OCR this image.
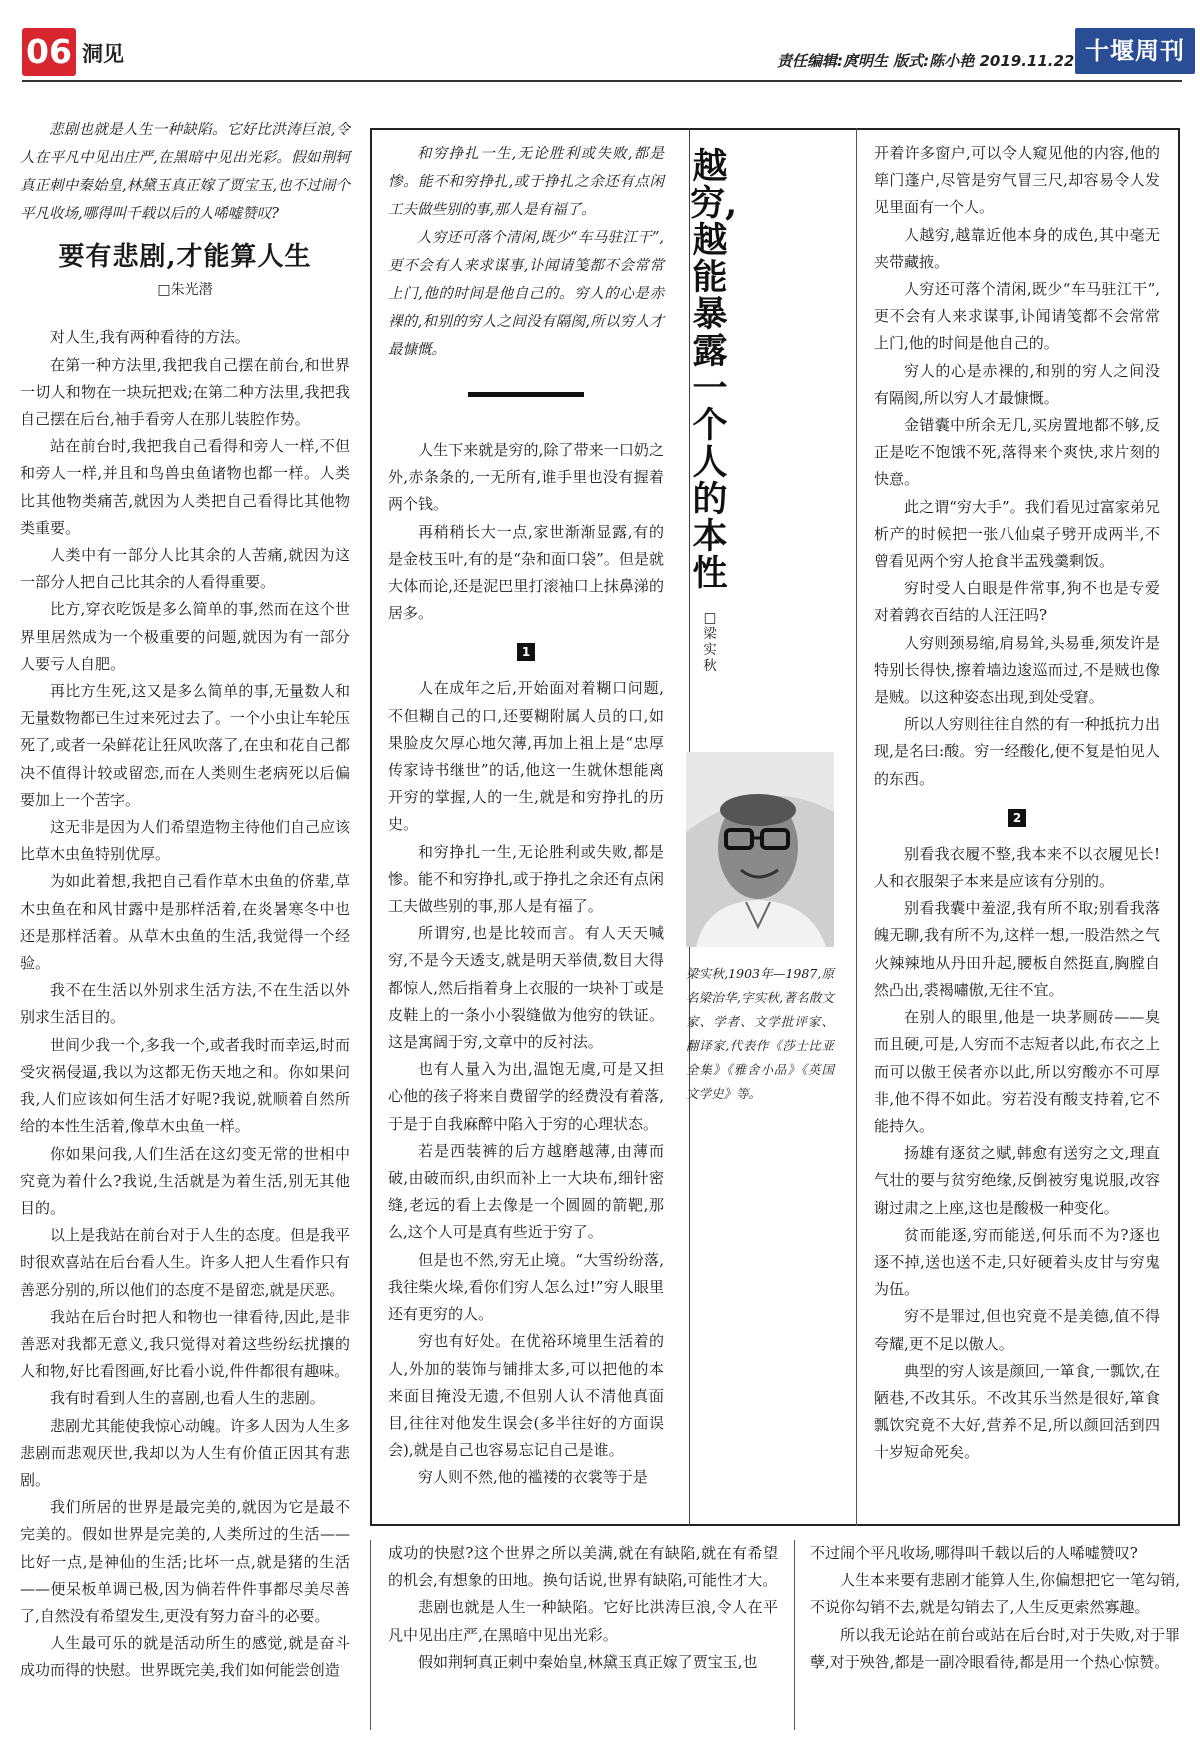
06 洞见	责任编辑:庹明生 版式:陈小艳 2019.11.22 十堰周刊

悲剧也就是人生一种缺陷。它好比洪涛巨浪,令人在平凡中见出庄严,在黑暗中见出光彩。假如荆轲真正刺中秦始皇,林黛玉真正嫁了贾宝玉,也不过闹个平凡收场,哪得叫千载以后的人唏嘘赞叹?

要有悲剧,才能算人生
□朱光潜

对人生,我有两种看待的方法。

在第一种方法里,我把我自己摆在前台,和世界一切人和物在一块玩把戏;在第二种方法里,我把我自己摆在后台,袖手看旁人在那儿装腔作势。

站在前台时,我把我自己看得和旁人一样,不但和旁人一样,并且和鸟兽虫鱼诸物也都一样。人类比其他物类痛苦,就因为人类把自己看得比其他物类重要。

人类中有一部分人比其余的人苦痛,就因为这一部分人把自己比其余的人看得重要。

比方,穿衣吃饭是多么简单的事,然而在这个世界里居然成为一个极重要的问题,就因为有一部分人要亏人自肥。

再比方生死,这又是多么简单的事,无量数人和无量数物都已生过来死过去了。一个小虫让车轮压死了,或者一朵鲜花让狂风吹落了,在虫和花自己都决不值得计较或留恋,而在人类则生老病死以后偏要加上一个苦字。

这无非是因为人们希望造物主待他们自己应该比草木虫鱼特别优厚。

为如此着想,我把自己看作草木虫鱼的侪辈,草木虫鱼在和风甘露中是那样活着,在炎暑寒冬中也还是那样活着。从草木虫鱼的生活,我觉得一个经验。

我不在生活以外别求生活方法,不在生活以外别求生活目的。

世间少我一个,多我一个,或者我时而幸运,时而受灾祸侵逼,我以为这都无伤天地之和。你如果问我,人们应该如何生活才好呢?我说,就顺着自然所给的本性生活着,像草木虫鱼一样。

你如果问我,人们生活在这幻变无常的世相中究竟为着什么?我说,生活就是为着生活,别无其他目的。

以上是我站在前台对于人生的态度。但是我平时很欢喜站在后台看人生。许多人把人生看作只有善恶分别的,所以他们的态度不是留恋,就是厌恶。

我站在后台时把人和物也一律看待,因此,是非善恶对我都无意义,我只觉得对着这些纷纭扰攘的人和物,好比看图画,好比看小说,件件都很有趣味。

我有时看到人生的喜剧,也看人生的悲剧。

悲剧尤其能使我惊心动魄。许多人因为人生多悲剧而悲观厌世,我却以为人生有价值正因其有悲剧。

我们所居的世界是最完美的,就因为它是最不完美的。假如世界是完美的,人类所过的生活——比好一点,是神仙的生活;比坏一点,就是猪的生活——便呆板单调已极,因为倘若件件事都尽美尽善了,自然没有希望发生,更没有努力奋斗的必要。

人生最可乐的就是活动所生的感觉,就是奋斗成功而得的快慰。世界既完美,我们如何能尝创造

和穷挣扎一生,无论胜利或失败,都是惨。能不和穷挣扎,或于挣扎之余还有点闲工夫做些别的事,那人是有福了。

人穷还可落个清闲,既少“车马驻江干”,更不会有人来求谋事,讣闻请笺都不会常常上门,他的时间是他自己的。穷人的心是赤裸的,和别的穷人之间没有隔阂,所以穷人才最慷慨。

人生下来就是穷的,除了带来一口奶之外,赤条条的,一无所有,谁手里也没有握着两个钱。

再稍稍长大一点,家世渐渐显露,有的是金枝玉叶,有的是“杂和面口袋”。但是就大体而论,还是泥巴里打滚袖口上抹鼻涕的居多。

1

人在成年之后,开始面对着糊口问题,不但糊自己的口,还要糊附属人员的口,如果脸皮欠厚心地欠薄,再加上祖上是“忠厚传家诗书继世”的话,他这一生就休想能离开穷的掌握,人的一生,就是和穷挣扎的历史。

和穷挣扎一生,无论胜利或失败,都是惨。能不和穷挣扎,或于挣扎之余还有点闲工夫做些别的事,那人是有福了。

所谓穷,也是比较而言。有人天天喊穷,不是今天透支,就是明天举债,数目大得都惊人,然后指着身上衣服的一块补丁或是皮鞋上的一条小小裂缝做为他穷的铁证。这是寓阔于穷,文章中的反衬法。

也有人量入为出,温饱无虞,可是又担心他的孩子将来自费留学的经费没有着落,于是于自我麻醉中陷入于穷的心理状态。

若是西装裤的后方越磨越薄,由薄而破,由破而织,由织而补上一大块布,细针密缝,老远的看上去像是一个圆圆的箭靶,那么,这个人可是真有些近于穷了。

但是也不然,穷无止境。“大雪纷纷落,我往柴火垛,看你们穷人怎么过!”穷人眼里还有更穷的人。

穷也有好处。在优裕环境里生活着的人,外加的装饰与铺排太多,可以把他的本来面目掩没无遗,不但别人认不清他真面目,往往对他发生误会(多半往好的方面误会),就是自己也容易忘记自己是谁。

穷人则不然,他的褴褛的衣裳等于是

越穷,越能暴露一个人的本性
□梁实秋
梁实秋,1903年—1987,原名梁治华,字实秋,著名散文家、学者、文学批评家、翻译家,代表作《莎士比亚全集》《雅舍小品》《英国文学史》等。

开着许多窗户,可以令人窥见他的内容,他的筚门蓬户,尽管是穷气冒三尺,却容易令人发见里面有一个人。

人越穷,越靠近他本身的成色,其中毫无夹带藏掖。

人穷还可落个清闲,既少“车马驻江干”,更不会有人来求谋事,讣闻请笺都不会常常上门,他的时间是他自己的。

穷人的心是赤裸的,和别的穷人之间没有隔阂,所以穷人才最慷慨。

金错囊中所余无几,买房置地都不够,反正是吃不饱饿不死,落得来个爽快,求片刻的快意。

此之谓“穷大手”。我们看见过富家弟兄析产的时候把一张八仙桌子劈开成两半,不曾看见两个穷人抢食半盂残羹剩饭。

穷时受人白眼是件常事,狗不也是专爱对着鹑衣百结的人汪汪吗?

人穷则颈易缩,肩易耸,头易垂,须发许是特别长得快,擦着墙边逡巡而过,不是贼也像是贼。以这种姿态出现,到处受窘。

所以人穷则往往自然的有一种抵抗力出现,是名曰:酸。穷一经酸化,便不复是怕见人的东西。

2

别看我衣履不整,我本来不以衣履见长!人和衣服架子本来是应该有分别的。

别看我囊中羞涩,我有所不取;别看我落魄无聊,我有所不为,这样一想,一股浩然之气火辣辣地从丹田升起,腰板自然挺直,胸膛自然凸出,裘褐嘯傲,无往不宜。

在别人的眼里,他是一块茅厕砖——臭而且硬,可是,人穷而不志短者以此,布衣之上而可以傲王侯者亦以此,所以穷酸亦不可厚非,他不得不如此。穷若没有酸支持着,它不能持久。

扬雄有逐贫之赋,韩愈有送穷之文,理直气壮的要与贫穷绝缘,反倒被穷鬼说服,改容谢过肃之上座,这也是酸极一种变化。

贫而能逐,穷而能送,何乐而不为?逐也逐不掉,送也送不走,只好硬着头皮甘与穷鬼为伍。

穷不是罪过,但也究竟不是美德,值不得夸耀,更不足以傲人。

典型的穷人该是颜回,一箪食,一瓢饮,在陋巷,不改其乐。不改其乐当然是很好,箪食瓢饮究竟不大好,营养不足,所以颜回活到四十岁短命死矣。

成功的快慰?这个世界之所以美满,就在有缺陷,就在有希望的机会,有想象的田地。换句话说,世界有缺陷,可能性才大。

悲剧也就是人生一种缺陷。它好比洪涛巨浪,令人在平凡中见出庄严,在黑暗中见出光彩。

假如荆轲真正刺中秦始皇,林黛玉真正嫁了贾宝玉,也

不过闹个平凡收场,哪得叫千载以后的人唏嘘赞叹?

人生本来要有悲剧才能算人生,你偏想把它一笔勾销,不说你勾销不去,就是勾销去了,人生反更索然寡趣。

所以我无论站在前台或站在后台时,对于失败,对于罪孽,对于殃咎,都是一副冷眼看待,都是用一个热心惊赞。
